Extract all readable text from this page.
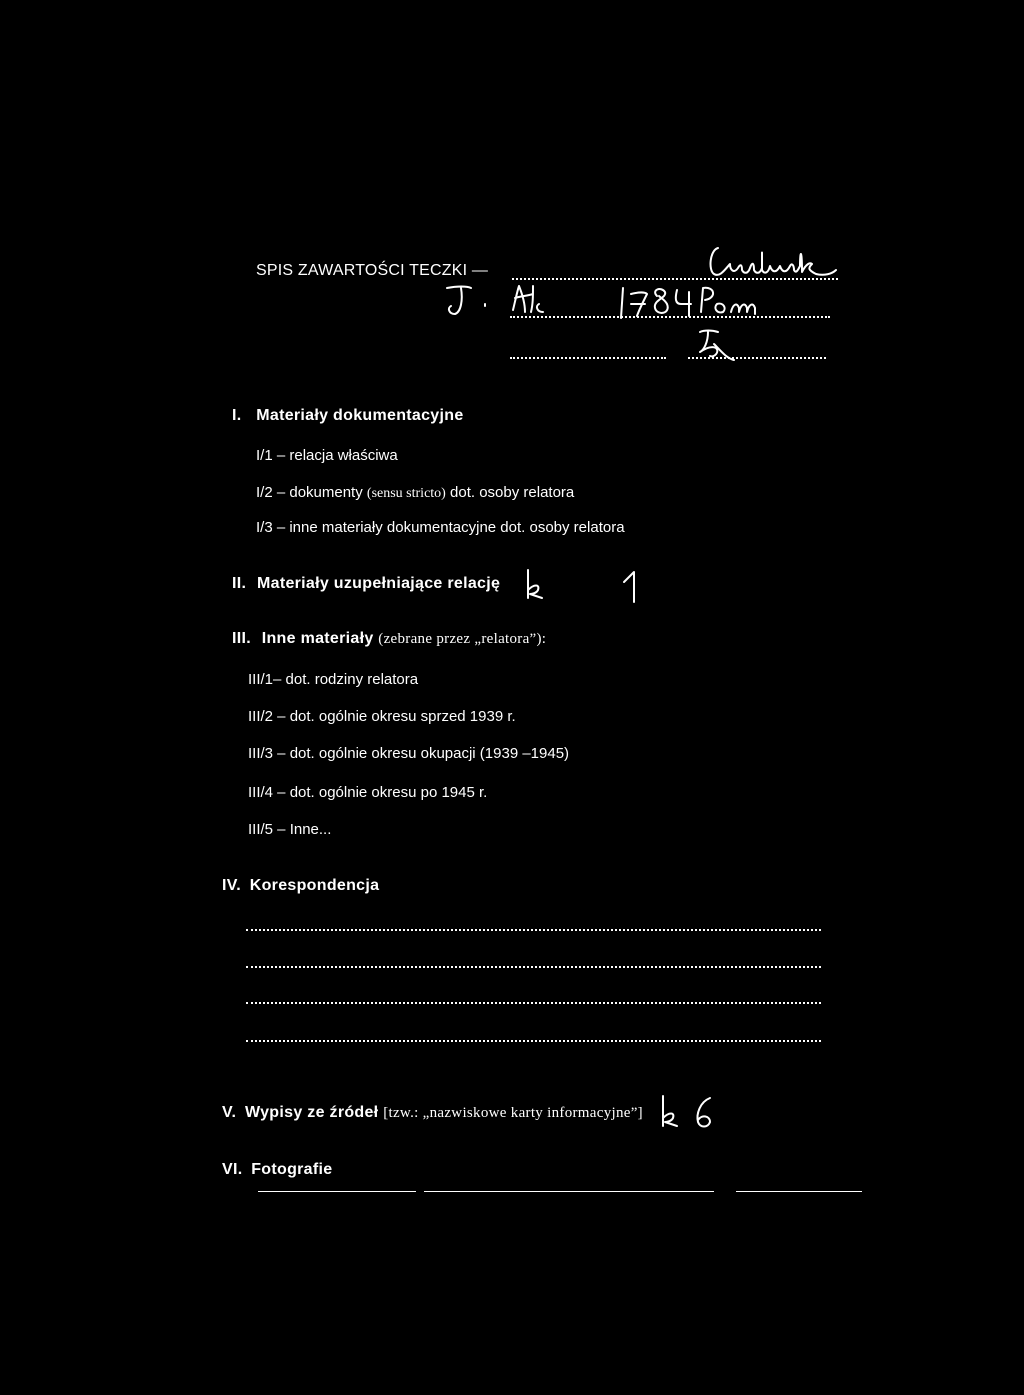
SPIS ZAWARTOŚCI TECZKI —
I. Materiały dokumentacyjne
I/1 – relacja właściwa
I/2 – dokumenty (sensu stricto) dot. osoby relatora
I/3 – inne materiały dokumentacyjne dot. osoby relatora
II. Materiały uzupełniające relację
III. Inne materiały (zebrane przez „relatora”):
III/1– dot. rodziny relatora
III/2 – dot. ogólnie okresu sprzed 1939 r.
III/3 – dot. ogólnie okresu okupacji (1939 –1945)
III/4 – dot. ogólnie okresu po 1945 r.
III/5 – Inne...
IV. Korespondencja
V. Wypisy ze źródeł [tzw.: „nazwiskowe karty informacyjne”]
VI. Fotografie
